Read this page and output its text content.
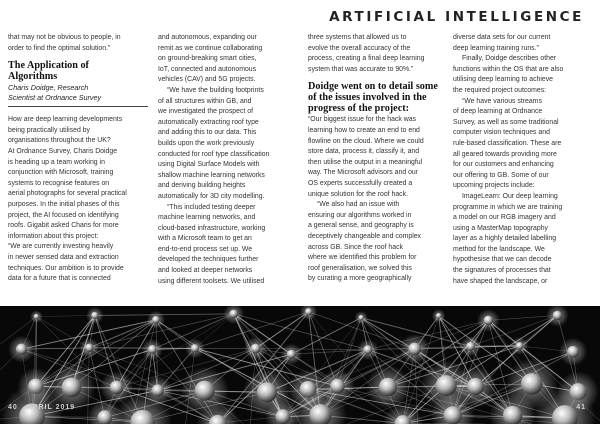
ARTIFICIAL INTELLIGENCE

that may not be obvious to people, in
order to find the optimal solution.”

The Application of
Algorithms

Charis Doidge, Research
Scientist at Ordnance Survey

How are deep learning developments
being practically utilised by
organisations throughout the UK?
At Ordnance Survey, Charis Doidge
is heading up a team working in
conjunction with Microsoft, training
systems to recognise features on
aerial photographs for several practical
purposes. In the initial phases of this
project, the AI focused on identifying
roofs. Gigabit asked Charis for more
information about this project:
“We are currently investing heavily
in newer sensed data and extraction
techniques. Our ambition is to provide
data for a future that is connected

and autonomous, expanding our
remit as we continue collaborating
on ground-breaking smart cities,
IoT, connected and autonomous
vehicles (CAV) and 5G projects.

“We have the building footprints
of all structures within GB, and
we investigated the prospect of
automatically extracting roof type
and adding this to our data. This
builds upon the work previously
conducted for roof type classification
using Digital Surface Models with
shallow machine learning networks
and deriving building heights
automatically for 3D city modelling.

“This included testing deeper
machine learning networks, and
cloud-based infrastructure, working
with a Microsoft team to get an
end-to-end process set up. We
developed the techniques further
and looked at deeper networks
using different toolsets. We utilised

three systems that allowed us to
evolve the overall accuracy of the
process, creating a final deep learning
system that was accurate to 90%.”

Doidge went on to detail some
of the issues involved in the
progress of the project:

“Our biggest issue for the hack was
learning how to create an end to end
flowline on the cloud. Where we could
store data, process it, classify it, and
then utilise the output in a meaningful
way. The Microsoft advisors and our
OS experts successfully created a
unique solution for the roof hack.

“We also had an issue with
ensuring our algorithms worked in
a general sense, and geography is
deceptively changeable and complex
across GB. Since the roof hack
where we identified this problem for
roof generalisation, we solved this
by curating a more geographically

diverse data sets for our current
deep learning training runs.”

Finally, Doidge describes other
functions within the OS that are also
utilising deep learning to achieve
the required project outcomes:

“We have various streams
of deep learning at Ordnance
Survey, as well as some traditional
computer vision techniques and
rule-based classification. These are
all geared towards providing more
for our customers and enhancing
our offering to GB. Some of our
upcoming projects include:

ImageLearn: Our deep learning
programme in which we are training
a model on our RGB imagery and
using a MasterMap topography
layer as a highly detailed labelling
method for the landscape. We
hypothesise that we can decode
the signatures of processes that
have shaped the landscape, or

40 APRIL 2019	41
